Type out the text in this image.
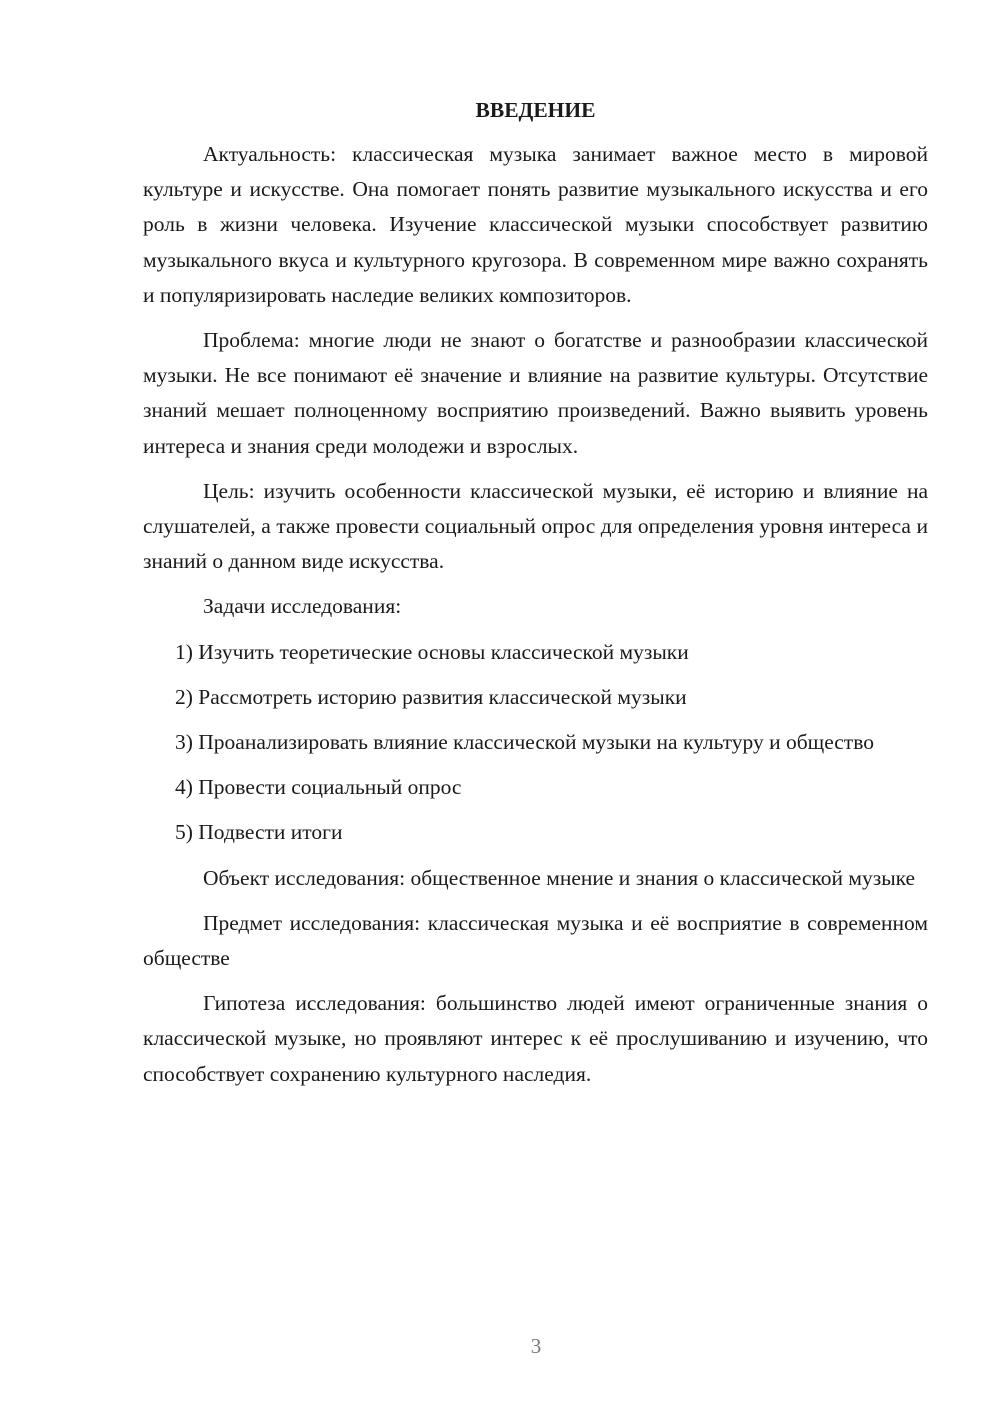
ВВЕДЕНИЕ

Актуальность: классическая музыка занимает важное место в мировой культуре и искусстве. Она помогает понять развитие музыкального искусства и его роль в жизни человека. Изучение классической музыки способствует развитию музыкального вкуса и культурного кругозора. В современном мире важно сохранять и популяризировать наследие великих композиторов.

Проблема: многие люди не знают о богатстве и разнообразии классической музыки. Не все понимают её значение и влияние на развитие культуры. Отсутствие знаний мешает полноценному восприятию произведений. Важно выявить уровень интереса и знания среди молодежи и взрослых.

Цель: изучить особенности классической музыки, её историю и влияние на слушателей, а также провести социальный опрос для определения уровня интереса и знаний о данном виде искусства.

Задачи исследования:

1) Изучить теоретические основы классической музыки

2) Рассмотреть историю развития классической музыки

3) Проанализировать влияние классической музыки на культуру и общество

4) Провести социальный опрос

5) Подвести итоги

Объект исследования: общественное мнение и знания о классической музыке

Предмет исследования: классическая музыка и её восприятие в современном обществе

Гипотеза исследования: большинство людей имеют ограниченные знания о классической музыке, но проявляют интерес к её прослушиванию и изучению, что способствует сохранению культурного наследия.

3
